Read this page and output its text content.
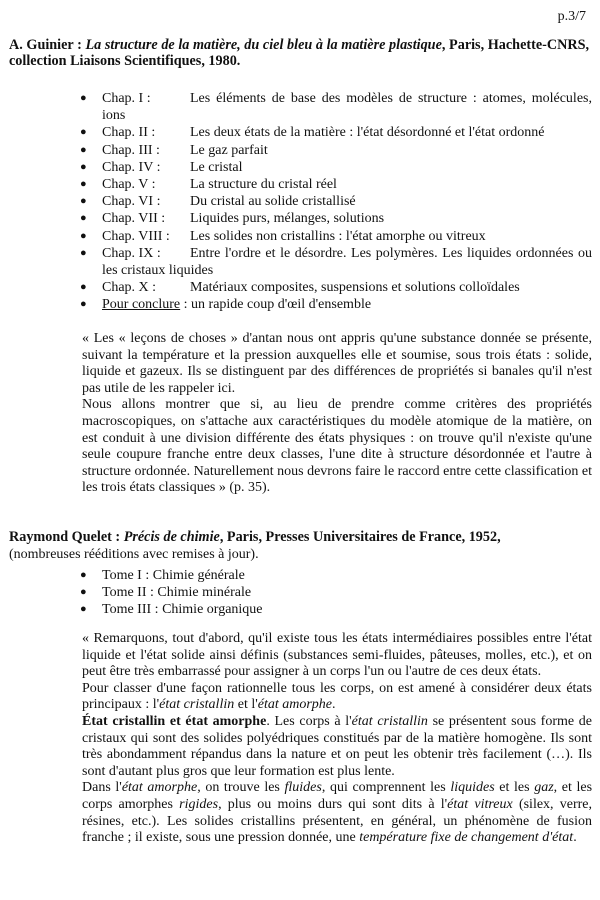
p.3/7
A. Guinier : La structure de la matière, du ciel bleu à la matière plastique, Paris, Hachette-CNRS, collection Liaisons Scientifiques, 1980.
● Chap. I :	Les éléments de base des modèles de structure : atomes, molécules, ions
● Chap. II : Les deux états de la matière : l'état désordonné et l'état ordonné
● Chap. III : Le gaz parfait
● Chap. IV : Le cristal
● Chap. V : La structure du cristal réel
● Chap. VI : Du cristal au solide cristallisé
● Chap. VII : Liquides purs, mélanges, solutions
● Chap. VIII : Les solides non cristallins : l'état amorphe ou vitreux
● Chap. IX : Entre l'ordre et le désordre. Les polymères. Les liquides ordonnées ou les cristaux liquides
● Chap. X : Matériaux composites, suspensions et solutions colloïdales
● Pour conclure : un rapide coup d'œil d'ensemble

« Les « leçons de choses » d'antan nous ont appris qu'une substance donnée se présente, suivant la température et la pression auxquelles elle et soumise, sous trois états : solide, liquide et gazeux. Ils se distinguent par des différences de propriétés si banales qu'il n'est pas utile de les rappeler ici.

Nous allons montrer que si, au lieu de prendre comme critères des propriétés macroscopiques, on s'attache aux caractéristiques du modèle atomique de la matière, on est conduit à une division différente des états physiques : on trouve qu'il n'existe qu'une seule coupure franche entre deux classes, l'une dite à structure désordonnée et l'autre à structure ordonnée. Naturellement nous devrons faire le raccord entre cette classification et les trois états classiques » (p. 35).

Raymond Quelet : Précis de chimie, Paris, Presses Universitaires de France, 1952,
(nombreuses rééditions avec remises à jour).
● Tome I : Chimie générale
● Tome II : Chimie minérale
● Tome III : Chimie organique

« Remarquons, tout d'abord, qu'il existe tous les états intermédiaires possibles entre l'état liquide et l'état solide ainsi définis (substances semi-fluides, pâteuses, molles, etc.), et on peut être très embarrassé pour assigner à un corps l'un ou l'autre de ces deux états.

Pour classer d'une façon rationnelle tous les corps, on est amené à considérer deux états principaux : l'état cristallin et l'état amorphe.

État cristallin et état amorphe. Les corps à l'état cristallin se présentent sous forme de cristaux qui sont des solides polyédriques constitués par de la matière homogène. Ils sont très abondamment répandus dans la nature et on peut les obtenir très facilement (…). Ils sont d'autant plus gros que leur formation est plus lente.

Dans l'état amorphe, on trouve les fluides, qui comprennent les liquides et les gaz, et les corps amorphes rigides, plus ou moins durs qui sont dits à l'état vitreux (silex, verre, résines, etc.). Les solides cristallins présentent, en général, un phénomène de fusion franche ; il existe, sous une pression donnée, une température fixe de changement d'état.
